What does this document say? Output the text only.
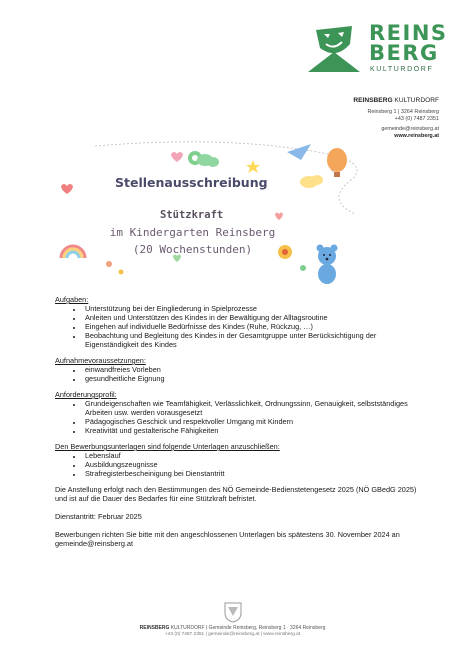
REINS
BERG
KULTURDORF
REINSBERG KULTURDORF
Reinsberg 1 | 3264 Reinsberg
+43 (0) 7487 2351
gemeinde@reinsberg.at
www.reinsberg.at
Stellenausschreibung
Stützkraft
im Kindergarten Reinsberg
(20 Wochenstunden)
Aufgaben:
• Unterstützung bei der Eingliederung in Spielprozesse
• Anleiten und Unterstützen des Kindes in der Bewältigung der Alltagsroutine
• Eingehen auf individuelle Bedürfnisse des Kindes (Ruhe, Rückzug, …)
• Beobachtung und Begleitung des Kindes in der Gesamtgruppe unter Berücksichtigung der Eigenständigkeit des Kindes
Aufnahmevoraussetzungen:
• einwandfreies Vorleben
• gesundheitliche Eignung
Anforderungsprofil:
• Grundeigenschaften wie Teamfähigkeit, Verlässlichkeit, Ordnungssinn, Genauigkeit, selbstständiges Arbeiten usw. werden vorausgesetzt
• Pädagogisches Geschick und respektvoller Umgang mit Kindern
• Kreativität und gestalterische Fähigkeiten
Den Bewerbungsunterlagen sind folgende Unterlagen anzuschließen:
• Lebenslauf
• Ausbildungszeugnisse
• Strafregisterbescheinigung bei Dienstantritt

Die Anstellung erfolgt nach den Bestimmungen des NÖ Gemeinde-Bedienstetengesetz 2025 (NÖ GBedG 2025) und ist auf die Dauer des Bedarfes für eine Stützkraft befristet.

Dienstantritt: Februar 2025

Bewerbungen richten Sie bitte mit den angeschlossenen Unterlagen bis spätestens 30. November 2024 an gemeinde@reinsberg.at

REINSBERG KULTURDORF | Gemeinde Reinsberg, Reinsberg 1 · 3264 Reinsberg
+43 (0) 7487 2351 | gemeinde@reinsberg.at | www.reinsberg.at
